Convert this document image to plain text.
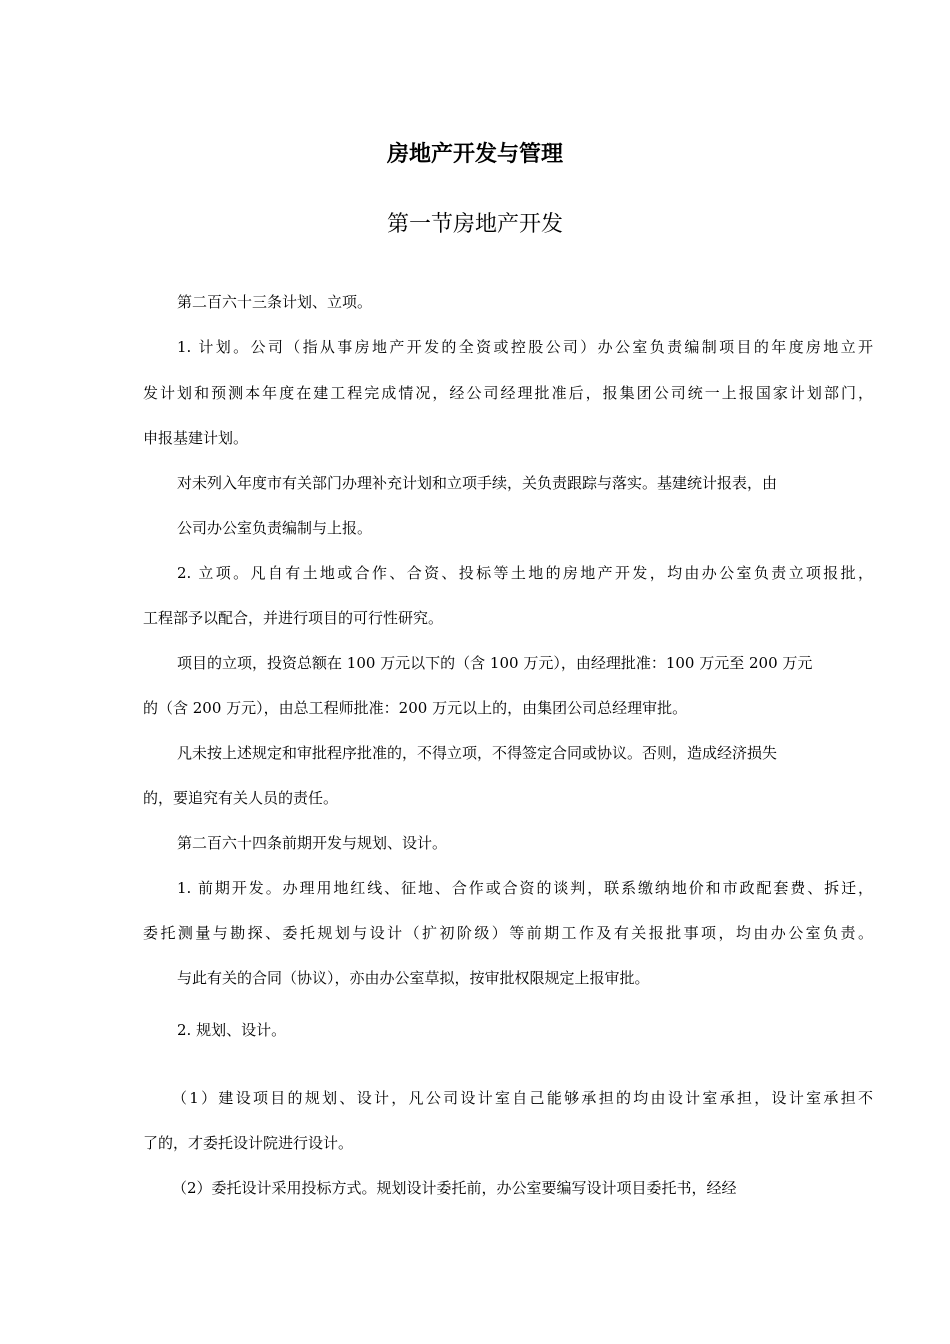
房地产开发与管理
第一节房地产开发
第二百六十三条计划、立项。
1. 计划。公司（指从事房地产开发的全资或控股公司）办公室负责编制项目的年度房地立开
发计划和预测本年度在建工程完成情况，经公司经理批准后，报集团公司统一上报国家计划部门，
申报基建计划。
对未列入年度市有关部门办理补充计划和立项手续，关负责跟踪与落实。基建统计报表，由
公司办公室负责编制与上报。
2. 立项。凡自有土地或合作、合资、投标等土地的房地产开发，均由办公室负责立项报批，
工程部予以配合，并进行项目的可行性研究。
项目的立项，投资总额在 100 万元以下的（含 100 万元），由经理批准：100 万元至 200 万元
的（含 200 万元），由总工程师批准：200 万元以上的，由集团公司总经理审批。
凡未按上述规定和审批程序批准的，不得立项，不得签定合同或协议。否则，造成经济损失
的，要追究有关人员的责任。
第二百六十四条前期开发与规划、设计。
1. 前期开发。办理用地红线、征地、合作或合资的谈判，联系缴纳地价和市政配套费、拆迁，
委托测量与勘探、委托规划与设计（扩初阶级）等前期工作及有关报批事项，均由办公室负责。
与此有关的合同（协议），亦由办公室草拟，按审批权限规定上报审批。
2. 规划、设计。
（1）建设项目的规划、设计，凡公司设计室自己能够承担的均由设计室承担，设计室承担不
了的，才委托设计院进行设计。
（2）委托设计采用投标方式。规划设计委托前，办公室要编写设计项目委托书，经经
